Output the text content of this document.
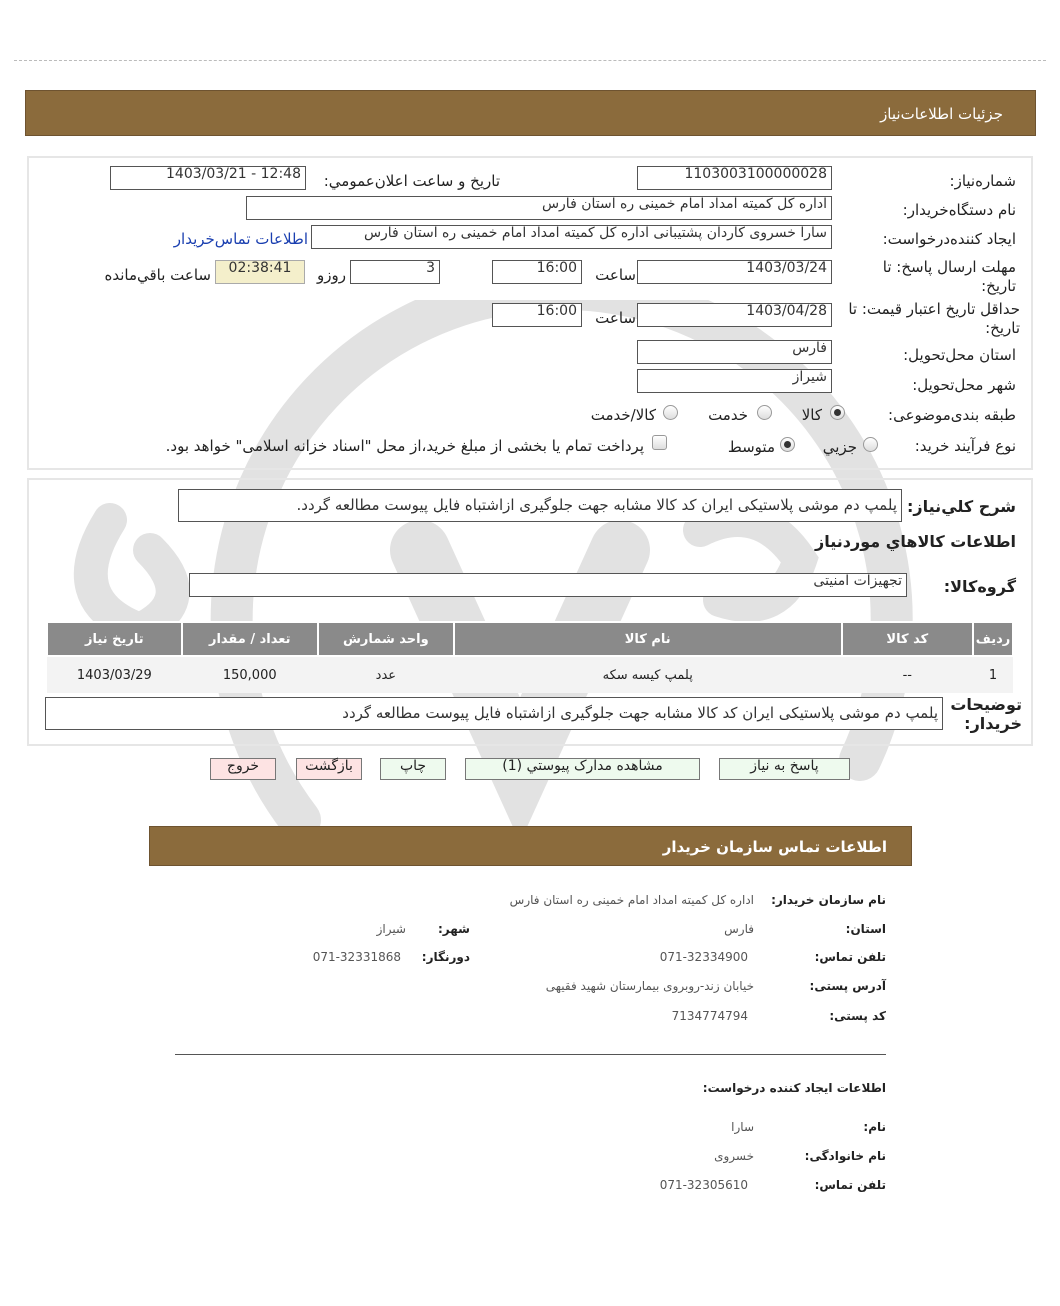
جزئيات اطلاعات‌نياز
شماره‌نياز:
1103003100000028
تاريخ و ساعت اعلان‌عمومي:
1403/03/21 - 12:48
نام دستگاه‌خريدار:
اداره کل کمیته امداد امام خمینی ره استان فارس
ايجاد کننده‌درخواست:
سارا خسروی کاردان پشتیبانی اداره کل کمیته امداد امام خمینی ره استان فارس
اطلاعات تماس‌خريدار
مهلت ارسال پاسخ: تا تاريخ:
1403/03/24
ساعت
16:00
3
روزو
02:38:41
ساعت باقي‌مانده
حداقل تاريخ اعتبار قيمت: تا تاريخ:
1403/04/28
ساعت
16:00
استان محل‌تحويل:
فارس
شهر محل‌تحويل:
شيراز
طبقه بندی‌موضوعی:
کالا
خدمت
کالا/خدمت
نوع فرآيند خريد:
جزيي
متوسط
پرداخت تمام يا بخشی از مبلغ خريد،از محل "اسناد خزانه اسلامی" خواهد بود.
شرح کلي‌نياز:
پلمپ دم موشی پلاستیکی ایران کد کالا مشابه جهت جلوگیری ازاشتباه فایل پیوست مطالعه گردد.
اطلاعات کالاهاي موردنياز
گروه‌کالا:
تجهیزات امنیتی
رديف	کد کالا	نام کالا	واحد شمارش	تعداد / مقدار	تاريخ نياز
1	--	پلمپ کیسه سکه	عدد	150,000	1403/03/29
توضيحات خريدار:
پلمپ دم موشی پلاستیکی ایران کد کالا مشابه جهت جلوگیری ازاشتباه فایل پیوست مطالعه گردد
پاسخ به نياز
مشاهده مدارک پيوستي (1)
چاپ
بازگشت
خروج
اطلاعات تماس سازمان خريدار
نام سازمان خريدار:
اداره کل کمیته امداد امام خمینی ره استان فارس
استان:
فارس
شهر:
شيراز
تلفن تماس:
071-32334900
دورنگار:
071-32331868
آدرس پستی:
خیابان زند-روبروی بیمارستان شهید فقیهی
کد پستی:
7134774794
اطلاعات ايجاد کننده درخواست:
نام:
سارا
نام خانوادگی:
خسروی
تلفن تماس:
071-32305610
